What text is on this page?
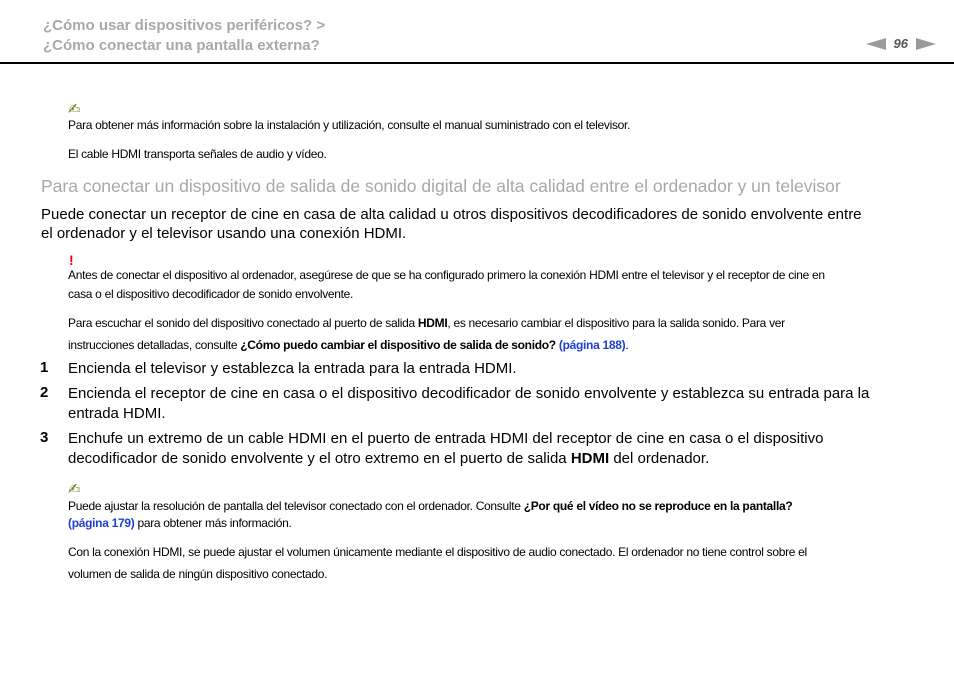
¿Cómo usar dispositivos periféricos? >
¿Cómo conectar una pantalla externa?	96
✍
Para obtener más información sobre la instalación y utilización, consulte el manual suministrado con el televisor.
El cable HDMI transporta señales de audio y vídeo.
Para conectar un dispositivo de salida de sonido digital de alta calidad entre el ordenador y un televisor
Puede conectar un receptor de cine en casa de alta calidad u otros dispositivos decodificadores de sonido envolvente entre
el ordenador y el televisor usando una conexión HDMI.
!
Antes de conectar el dispositivo al ordenador, asegúrese de que se ha configurado primero la conexión HDMI entre el televisor y el receptor de cine en
casa o el dispositivo decodificador de sonido envolvente.
Para escuchar el sonido del dispositivo conectado al puerto de salida HDMI, es necesario cambiar el dispositivo para la salida sonido. Para ver
instrucciones detalladas, consulte ¿Cómo puedo cambiar el dispositivo de salida de sonido? (página 188).
1 Encienda el televisor y establezca la entrada para la entrada HDMI.
2 Encienda el receptor de cine en casa o el dispositivo decodificador de sonido envolvente y establezca su entrada para la
entrada HDMI.
3 Enchufe un extremo de un cable HDMI en el puerto de entrada HDMI del receptor de cine en casa o el dispositivo
decodificador de sonido envolvente y el otro extremo en el puerto de salida HDMI del ordenador.
✍
Puede ajustar la resolución de pantalla del televisor conectado con el ordenador. Consulte ¿Por qué el vídeo no se reproduce en la pantalla?
(página 179) para obtener más información.
Con la conexión HDMI, se puede ajustar el volumen únicamente mediante el dispositivo de audio conectado. El ordenador no tiene control sobre el
volumen de salida de ningún dispositivo conectado.
